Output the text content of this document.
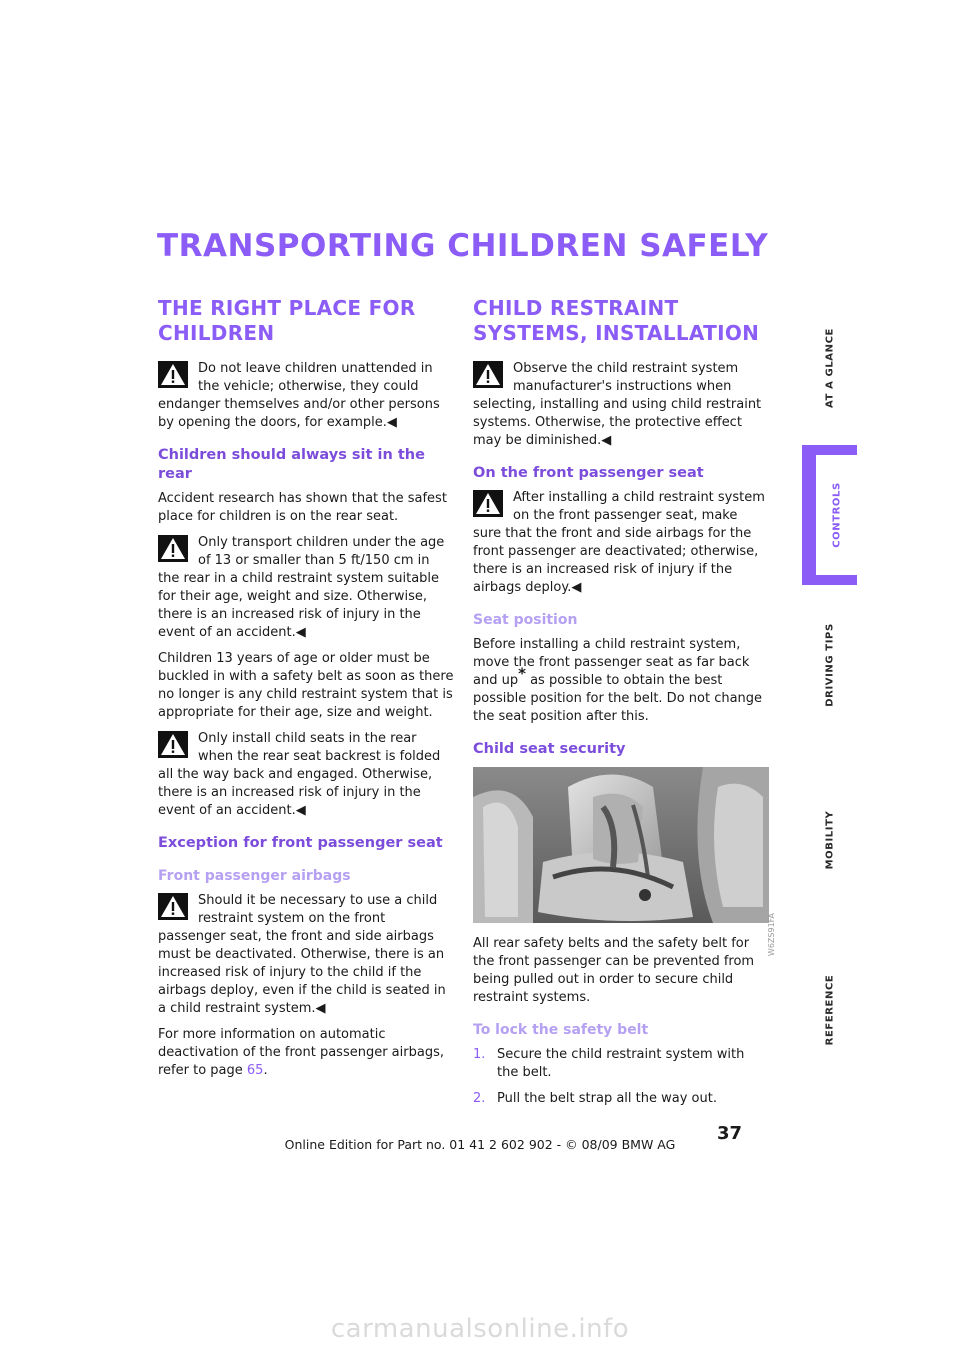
TRANSPORTING CHILDREN SAFELY
THE RIGHT PLACE FOR CHILDREN
Do not leave children unattended in the vehicle; otherwise, they could endanger themselves and/or other persons by opening the doors, for example.◀
Children should always sit in the rear

Accident research has shown that the safest place for children is on the rear seat.

Only transport children under the age of 13 or smaller than 5 ft/150 cm in the rear in a child restraint system suitable for their age, weight and size. Otherwise, there is an increased risk of injury in the event of an accident.◀

Children 13 years of age or older must be buckled in with a safety belt as soon as there no longer is any child restraint system that is appropriate for their age, size and weight.

Only install child seats in the rear when the rear seat backrest is folded all the way back and engaged. Otherwise, there is an increased risk of injury in the event of an accident.◀
Exception for front passenger seat
Front passenger airbags
Should it be necessary to use a child restraint system on the front passenger seat, the front and side airbags must be deactivated. Otherwise, there is an increased risk of injury to the child if the airbags deploy, even if the child is seated in a child restraint system.◀

For more information on automatic deactivation of the front passenger airbags, refer to page 65.

CHILD RESTRAINT SYSTEMS, INSTALLATION
Observe the child restraint system manufacturer's instructions when selecting, installing and using child restraint systems. Otherwise, the protective effect may be diminished.◀
On the front passenger seat
After installing a child restraint system on the front passenger seat, make sure that the front and side airbags for the front passenger are deactivated; otherwise, there is an increased risk of injury if the airbags deploy.◀
Seat position

Before installing a child restraint system, move the front passenger seat as far back and up* as possible to obtain the best possible position for the belt. Do not change the seat position after this.

Child seat security
W6ZS91FA

All rear safety belts and the safety belt for the front passenger can be prevented from being pulled out in order to secure child restraint systems.

To lock the safety belt
1. Secure the child restraint system with the belt.
2. Pull the belt strap all the way out.
AT A GLANCE
CONTROLS
DRIVING TIPS
MOBILITY
REFERENCE
37
Online Edition for Part no. 01 41 2 602 902 - © 08/09 BMW AG
carmanualsonline.info
